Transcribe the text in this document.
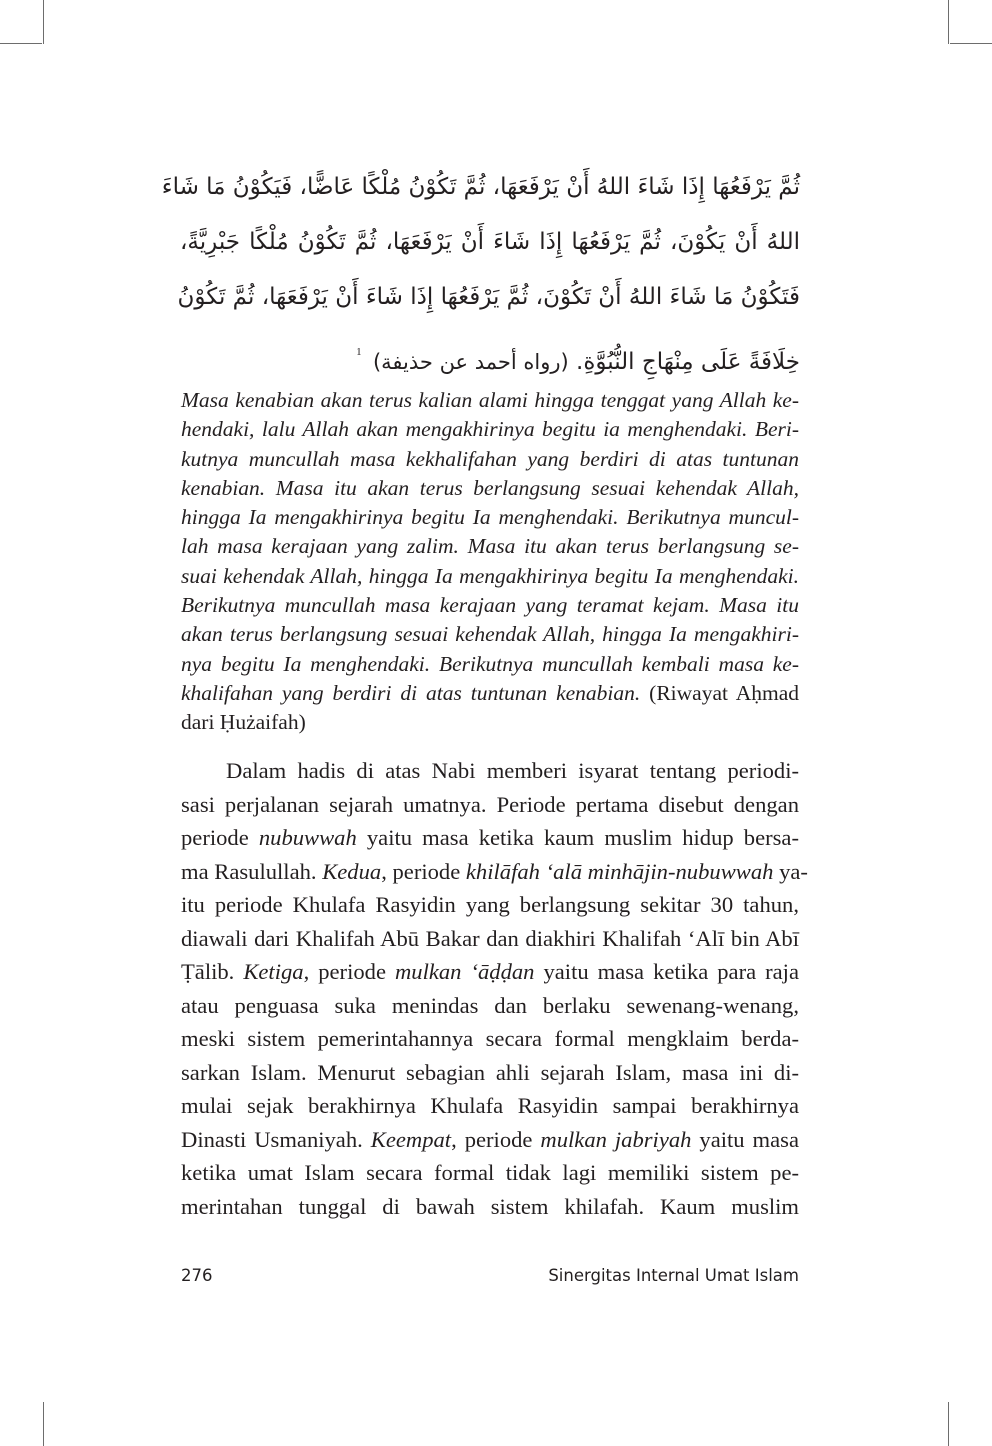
ثُمَّ يَرْفَعُهَا إِذَا شَاءَ اللهُ أَنْ يَرْفَعَهَا، ثُمَّ تَكُوْنُ مُلْكًا عَاضًّا، فَيَكُوْنُ مَا شَاءَ
اللهُ أَنْ يَكُوْنَ، ثُمَّ يَرْفَعُهَا إِذَا شَاءَ أَنْ يَرْفَعَهَا، ثُمَّ تَكُوْنُ مُلْكًا جَبْرِيَّةً،
فَتَكُوْنُ مَا شَاءَ اللهُ أَنْ تَكُوْنَ، ثُمَّ يَرْفَعُهَا إِذَا شَاءَ أَنْ يَرْفَعَهَا، ثُمَّ تَكُوْنُ
خِلَافَةً عَلَى مِنْهَاجِ النُّبُوَّةِ. (رواه أحمد عن حذيفة) $^1$
Masa kenabian akan terus kalian alami hingga tenggat yang Allah ke-
hendaki, lalu Allah akan mengakhirinya begitu ia menghendaki. Beri-
kutnya muncullah masa kekhalifahan yang berdiri di atas tuntunan
kenabian. Masa itu akan terus berlangsung sesuai kehendak Allah,
hingga Ia mengakhirinya begitu Ia menghendaki. Berikutnya muncul-
lah masa kerajaan yang zalim. Masa itu akan terus berlangsung se-
suai kehendak Allah, hingga Ia mengakhirinya begitu Ia menghendaki.
Berikutnya muncullah masa kerajaan yang teramat kejam. Masa itu
akan terus berlangsung sesuai kehendak Allah, hingga Ia mengakhiri-
nya begitu Ia menghendaki. Berikutnya muncullah kembali masa ke-
khalifahan yang berdiri di atas tuntunan kenabian. (Riwayat Aḥmad
dari Ḥużaifah)
Dalam hadis di atas Nabi memberi isyarat tentang periodi-
sasi perjalanan sejarah umatnya. Periode pertama disebut dengan
periode nubuwwah yaitu masa ketika kaum muslim hidup bersa-
ma Rasulullah. Kedua, periode khilāfah ‘alā minhājin-nubuwwah ya-
itu periode Khulafa Rasyidin yang berlangsung sekitar 30 tahun,
diawali dari Khalifah Abū Bakar dan diakhiri Khalifah ‘Alī bin Abī
Ṭālib. Ketiga, periode mulkan ‘āḍḍan yaitu masa ketika para raja
atau penguasa suka menindas dan berlaku sewenang-wenang,
meski sistem pemerintahannya secara formal mengklaim berda-
sarkan Islam. Menurut sebagian ahli sejarah Islam, masa ini di-
mulai sejak berakhirnya Khulafa Rasyidin sampai berakhirnya
Dinasti Usmaniyah. Keempat, periode mulkan jabriyah yaitu masa
ketika umat Islam secara formal tidak lagi memiliki sistem pe-
merintahan tunggal di bawah sistem khilafah. Kaum muslim
276	Sinergitas Internal Umat Islam
